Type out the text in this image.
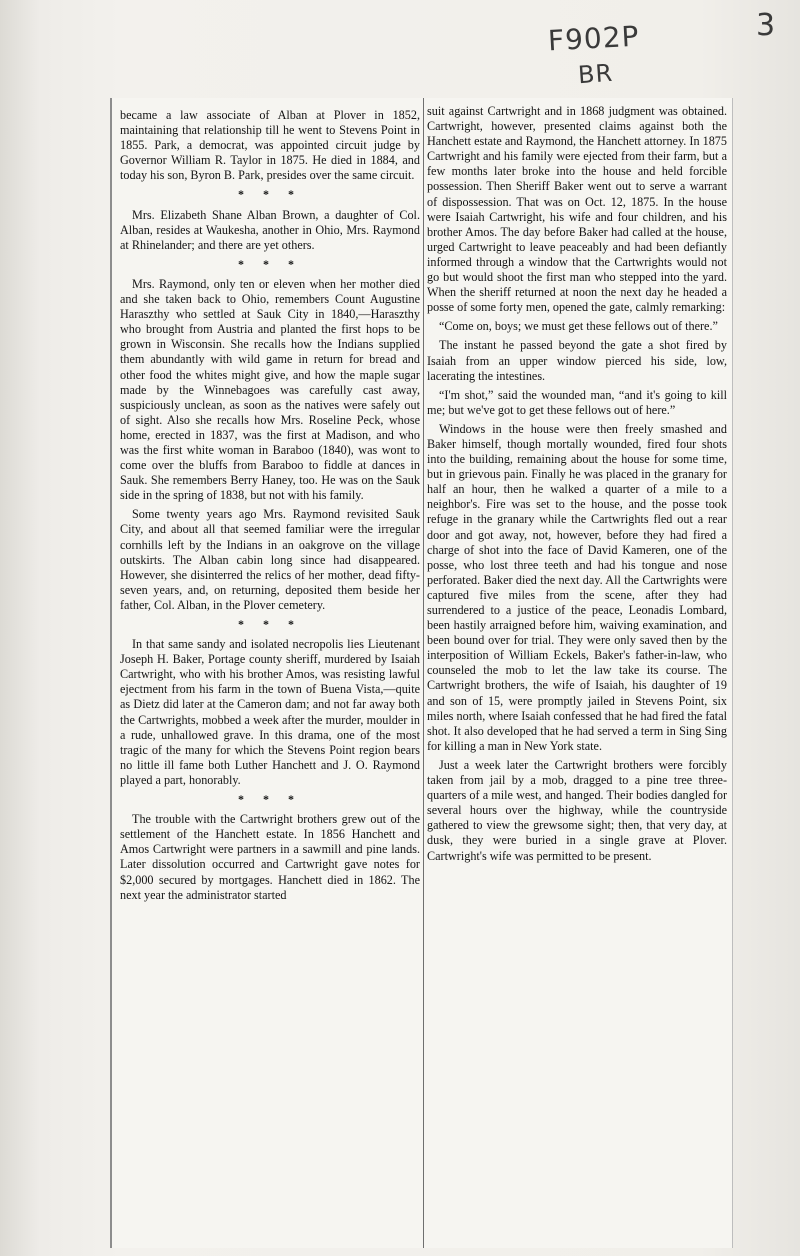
F902P
BR
3

became a law associate of Alban at Plover in 1852, maintaining that relationship till he went to Stevens Point in 1855. Park, a democrat, was appointed circuit judge by Governor William R. Taylor in 1875. He died in 1884, and today his son, Byron B. Park, presides over the same circuit.

* * *

Mrs. Elizabeth Shane Alban Brown, a daughter of Col. Alban, resides at Waukesha, another in Ohio, Mrs. Raymond at Rhinelander; and there are yet others.

* * *

Mrs. Raymond, only ten or eleven when her mother died and she taken back to Ohio, remembers Count Augustine Haraszthy who settled at Sauk City in 1840,—Haraszthy who brought from Austria and planted the first hops to be grown in Wisconsin. She recalls how the Indians supplied them abundantly with wild game in return for bread and other food the whites might give, and how the maple sugar made by the Winnebagoes was carefully cast away, suspiciously unclean, as soon as the natives were safely out of sight. Also she recalls how Mrs. Roseline Peck, whose home, erected in 1837, was the first at Madison, and who was the first white woman in Baraboo (1840), was wont to come over the bluffs from Baraboo to fiddle at dances in Sauk. She remembers Berry Haney, too. He was on the Sauk side in the spring of 1838, but not with his family.

Some twenty years ago Mrs. Raymond revisited Sauk City, and about all that seemed familiar were the irregular cornhills left by the Indians in an oakgrove on the village outskirts. The Alban cabin long since had disappeared. However, she disinterred the relics of her mother, dead fifty-seven years, and, on returning, deposited them beside her father, Col. Alban, in the Plover cemetery.

* * *

In that same sandy and isolated necropolis lies Lieutenant Joseph H. Baker, Portage county sheriff, murdered by Isaiah Cartwright, who with his brother Amos, was resisting lawful ejectment from his farm in the town of Buena Vista,—quite as Dietz did later at the Cameron dam; and not far away both the Cartwrights, mobbed a week after the murder, moulder in a rude, unhallowed grave. In this drama, one of the most tragic of the many for which the Stevens Point region bears no little ill fame both Luther Hanchett and J. O. Raymond played a part, honorably.

* * *

The trouble with the Cartwright brothers grew out of the settlement of the Hanchett estate. In 1856 Hanchett and Amos Cartwright were partners in a sawmill and pine lands. Later dissolution occurred and Cartwright gave notes for $2,000 secured by mortgages. Hanchett died in 1862. The next year the administrator started

suit against Cartwright and in 1868 judgment was obtained. Cartwright, however, presented claims against both the Hanchett estate and Raymond, the Hanchett attorney. In 1875 Cartwright and his family were ejected from their farm, but a few months later broke into the house and held forcible possession. Then Sheriff Baker went out to serve a warrant of dispossession. That was on Oct. 12, 1875. In the house were Isaiah Cartwright, his wife and four children, and his brother Amos. The day before Baker had called at the house, urged Cartwright to leave peaceably and had been defiantly informed through a window that the Cartwrights would not go but would shoot the first man who stepped into the yard. When the sheriff returned at noon the next day he headed a posse of some forty men, opened the gate, calmly remarking:

“Come on, boys; we must get these fellows out of there.”

The instant he passed beyond the gate a shot fired by Isaiah from an upper window pierced his side, low, lacerating the intestines.

“I'm shot,” said the wounded man, “and it's going to kill me; but we've got to get these fellows out of here.”

Windows in the house were then freely smashed and Baker himself, though mortally wounded, fired four shots into the building, remaining about the house for some time, but in grievous pain. Finally he was placed in the granary for half an hour, then he walked a quarter of a mile to a neighbor's. Fire was set to the house, and the posse took refuge in the granary while the Cartwrights fled out a rear door and got away, not, however, before they had fired a charge of shot into the face of David Kameren, one of the posse, who lost three teeth and had his tongue and nose perforated. Baker died the next day. All the Cartwrights were captured five miles from the scene, after they had surrendered to a justice of the peace, Leonadis Lombard, been hastily arraigned before him, waiving examination, and been bound over for trial. They were only saved then by the interposition of William Eckels, Baker's father-in-law, who counseled the mob to let the law take its course. The Cartwright brothers, the wife of Isaiah, his daughter of 19 and son of 15, were promptly jailed in Stevens Point, six miles north, where Isaiah confessed that he had fired the fatal shot. It also developed that he had served a term in Sing Sing for killing a man in New York state.

Just a week later the Cartwright brothers were forcibly taken from jail by a mob, dragged to a pine tree three-quarters of a mile west, and hanged. Their bodies dangled for several hours over the highway, while the countryside gathered to view the grewsome sight; then, that very day, at dusk, they were buried in a single grave at Plover. Cartwright's wife was permitted to be present.
